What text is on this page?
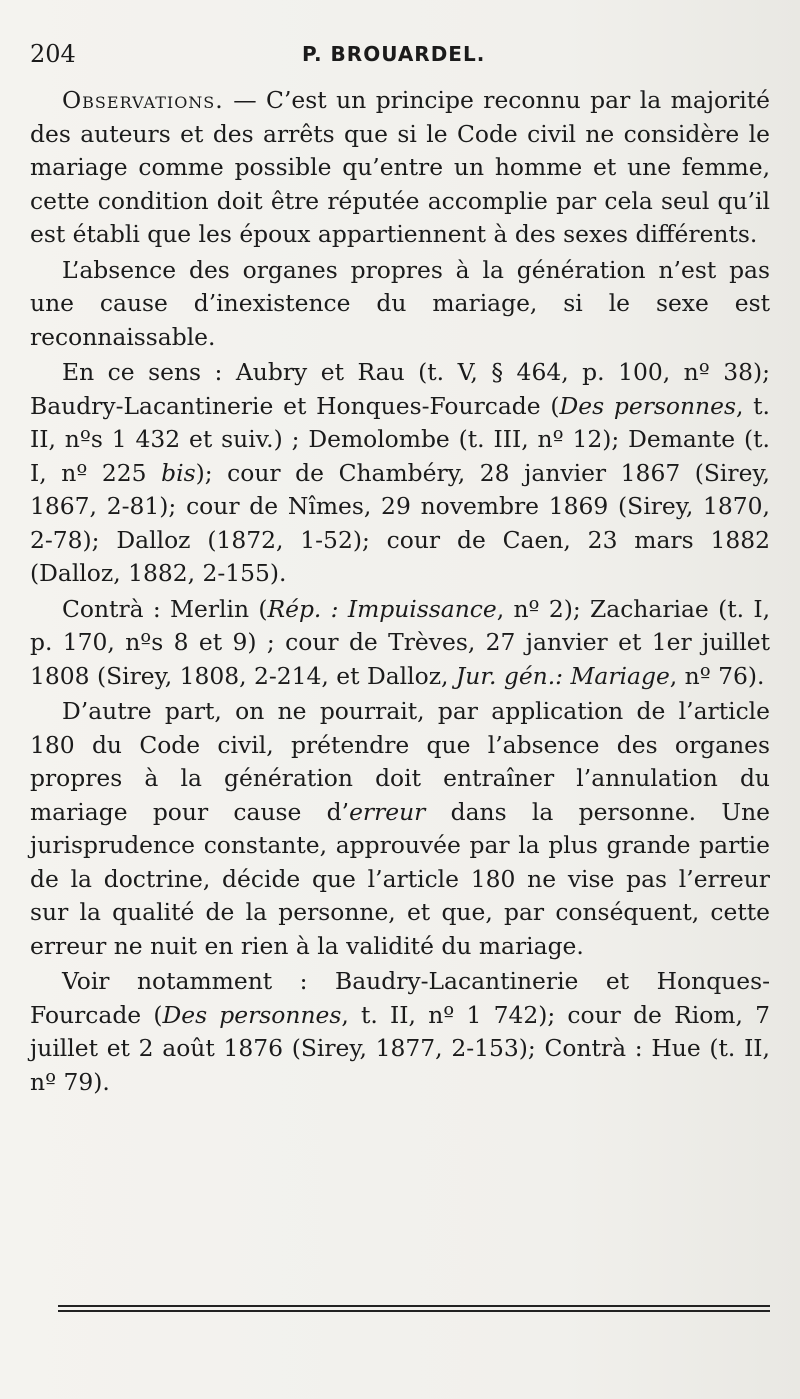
204	P. BROUARDEL.

Observations. — C’est un principe reconnu par la majorité des auteurs et des arrêts que si le Code civil ne considère le mariage comme possible qu’entre un homme et une femme, cette condition doit être réputée accomplie par cela seul qu’il est établi que les époux appartiennent à des sexes différents.

L’absence des organes propres à la génération n’est pas une cause d’inexistence du mariage, si le sexe est reconnaissable.

En ce sens : Aubry et Rau (t. V, § 464, p. 100, nº 38); Baudry-Lacantinerie et Honques-Fourcade (Des personnes, t. II, nºs 1 432 et suiv.) ; Demolombe (t. III, nº 12); Demante (t. I, nº 225 bis); cour de Chambéry, 28 janvier 1867 (Sirey, 1867, 2-81); cour de Nîmes, 29 novembre 1869 (Sirey, 1870, 2-78); Dalloz (1872, 1-52); cour de Caen, 23 mars 1882 (Dalloz, 1882, 2-155).

Contrà : Merlin (Rép. : Impuissance, nº 2); Zachariae (t. I, p. 170, nºs 8 et 9) ; cour de Trèves, 27 janvier et 1er juillet 1808 (Sirey, 1808, 2-214, et Dalloz, Jur. gén.: Mariage, nº 76).

D’autre part, on ne pourrait, par application de l’article 180 du Code civil, prétendre que l’absence des organes propres à la génération doit entraîner l’annulation du mariage pour cause d’erreur dans la personne. Une jurisprudence constante, approuvée par la plus grande partie de la doctrine, décide que l’article 180 ne vise pas l’erreur sur la qualité de la personne, et que, par conséquent, cette erreur ne nuit en rien à la validité du mariage.

Voir notamment : Baudry-Lacantinerie et Honques-Fourcade (Des personnes, t. II, nº 1 742); cour de Riom, 7 juillet et 2 août 1876 (Sirey, 1877, 2-153); Contrà : Hue (t. II, nº 79).
